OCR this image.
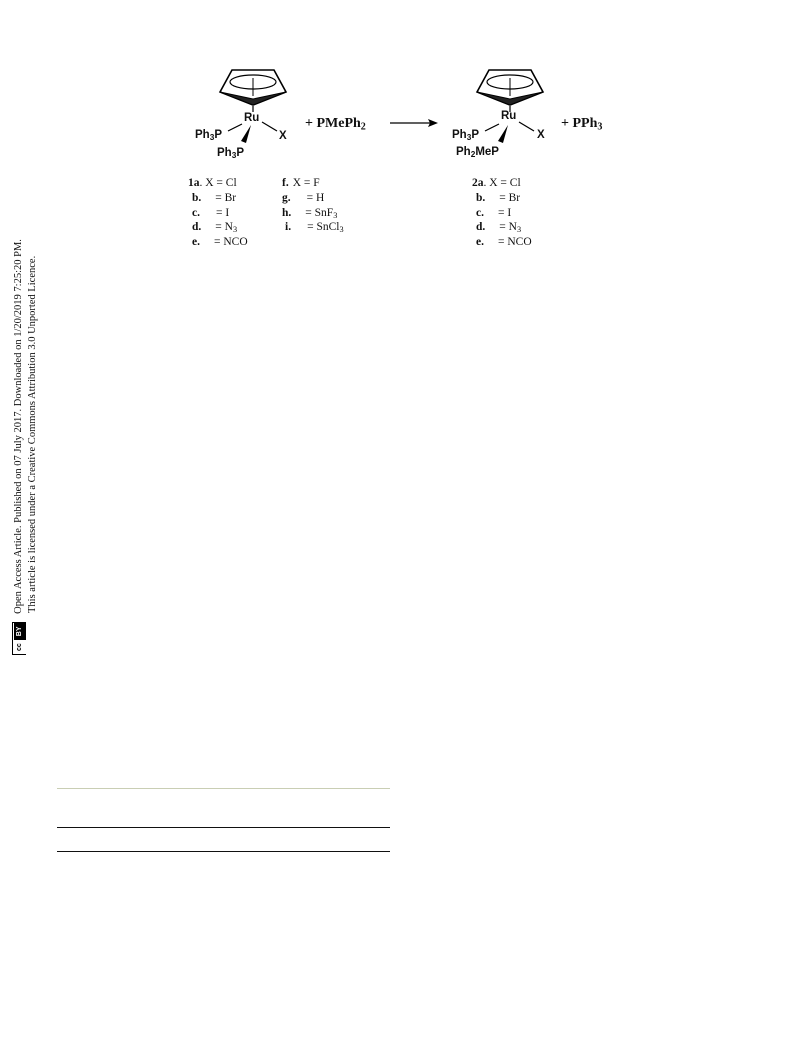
ccBY Open Access Article. Published on 07 July 2017. Downloaded on 1/20/2019 7:25:20 PM. This article is licensed under a Creative Commons Attribution 3.0 Unported Licence.
Ru
$Ph_3P$
$Ph_3P$
X
+ PMePh$_2$
Ru
$Ph_3P$
$Ph_2MeP$
X
+ PPh$_3$
1a. X = Cl
b. = Br
c. = I
d. = $N_3$
e. = NCO
f. X = F
g. = H
h. = SnF$_3$
i. = SnCl$_3$
2a. X = Cl
b. = Br
c. = I
d. = $N_3$
e. = NCO
